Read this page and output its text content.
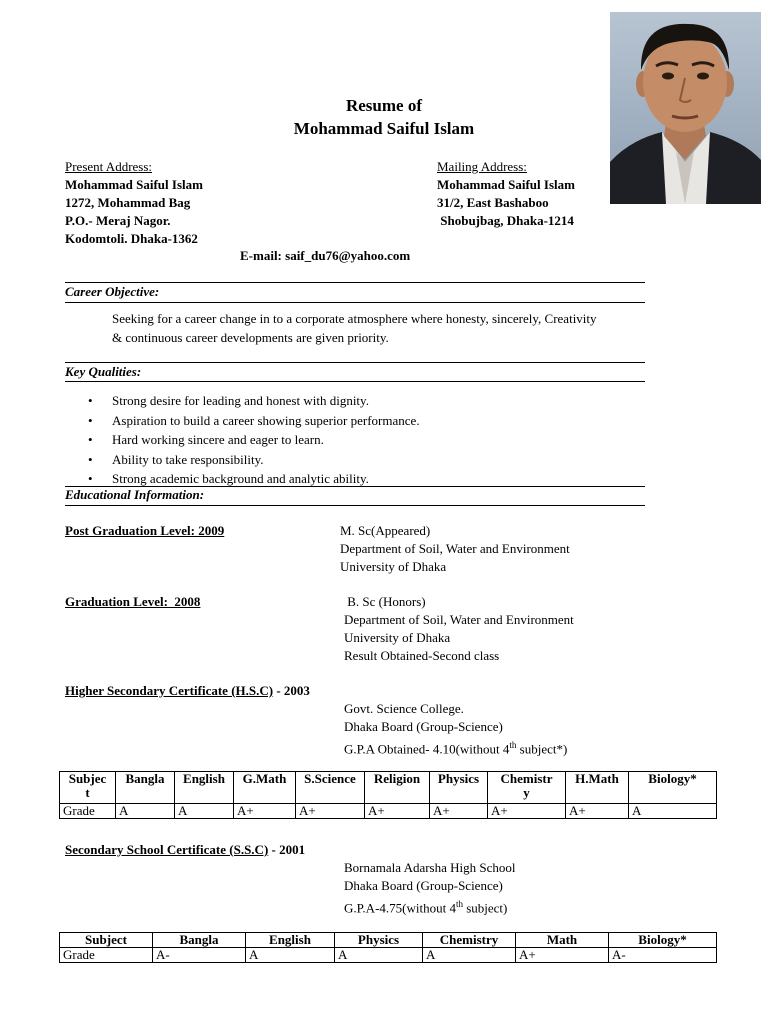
Resume of
Mohammad Saiful Islam
Present Address:
Mohammad Saiful Islam
1272, Mohammad Bag
P.O.- Meraj Nagor.
Kodomtoli. Dhaka-1362
Mailing Address:
Mohammad Saiful Islam
31/2, East Bashaboo
Shobujbag, Dhaka-1214
E-mail: saif_du76@yahoo.com
Career Objective:
Seeking for a career change in to a corporate atmosphere where honesty, sincerely, Creativity
& continuous career developments are given priority.
Key Qualities:
• Strong desire for leading and honest with dignity.
• Aspiration to build a career showing superior performance.
• Hard working sincere and eager to learn.
• Ability to take responsibility.
• Strong academic background and analytic ability.
Educational Information:
Post Graduation Level: 2009	M. Sc(Appeared)
Department of Soil, Water and Environment
University of Dhaka
Graduation Level:  2008	B. Sc (Honors)
Department of Soil, Water and Environment
University of Dhaka
Result Obtained-Second class
Higher Secondary Certificate (H.S.C) - 2003
Govt. Science College.
Dhaka Board (Group-Science)
G.P.A Obtained- 4.10(without 4th subject*)
Subjec
t	Bangla	English	G.Math	S.Science	Religion	Physics	Chemistr
y	H.Math	Biology*
Grade	A	A	A+	A+	A+	A+	A+	A+	A
Secondary School Certificate (S.S.C) - 2001
Bornamala Adarsha High School
Dhaka Board (Group-Science)
G.P.A-4.75(without 4th subject)
Subject	Bangla	English	Physics	Chemistry	Math	Biology*
Grade	A-	A	A	A	A+	A-
